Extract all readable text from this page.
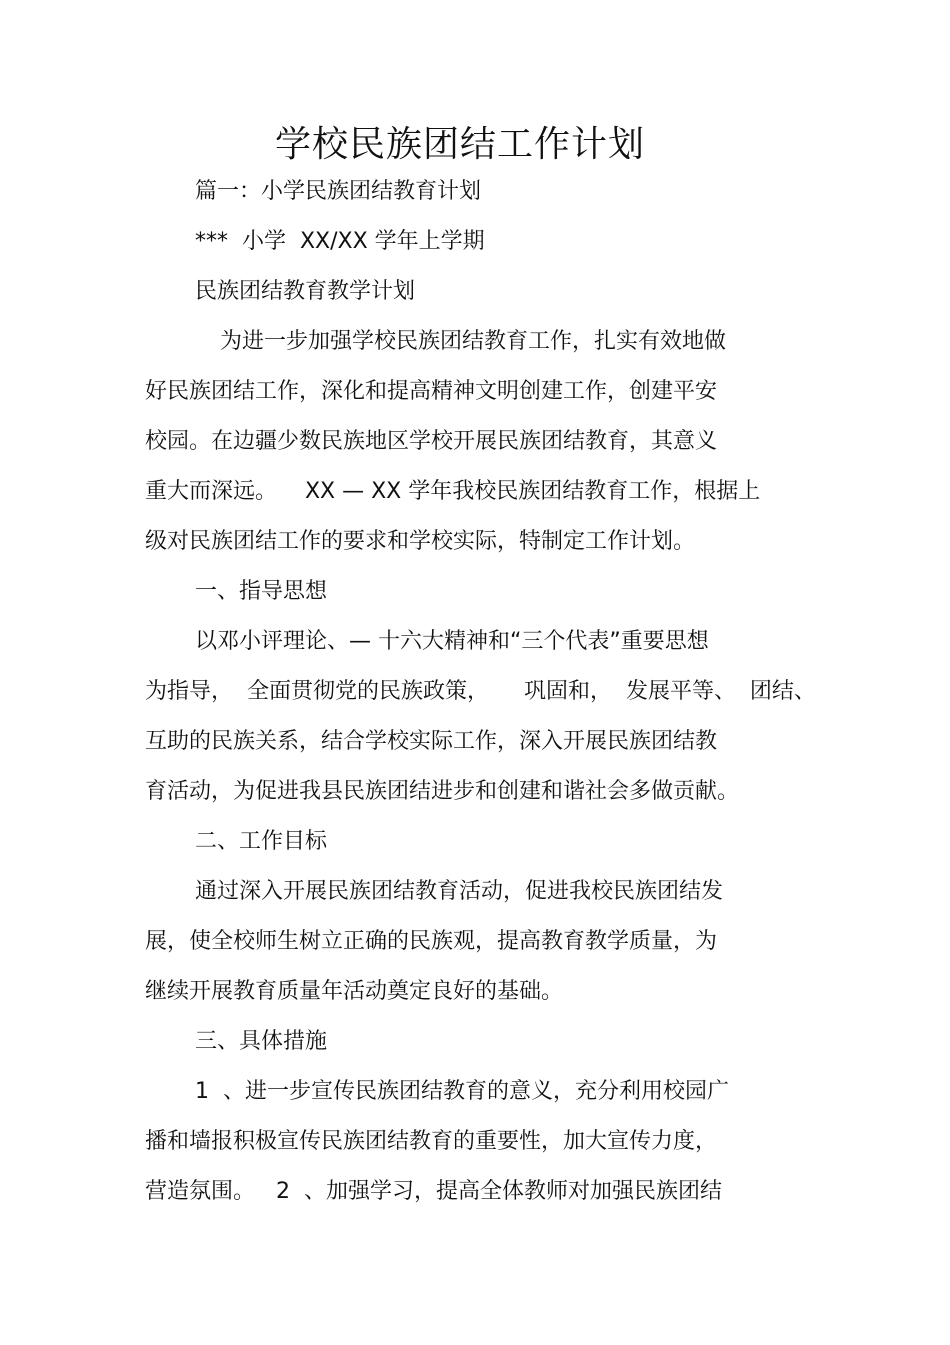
学校民族团结工作计划

篇一：小学民族团结教育计划

***  小学  XX/XX 学年上学期

民族团结教育教学计划

为进一步加强学校民族团结教育工作，扎实有效地做

好民族团结工作，深化和提高精神文明创建工作，创建平安

校园。在边疆少数民族地区学校开展民族团结教育，其意义

重大而深远。    XX — XX 学年我校民族团结教育工作，根据上

级对民族团结工作的要求和学校实际，特制定工作计划。

一、指导思想

以邓小评理论、— 十六大精神和“三个代表”重要思想

为指导，  全面贯彻党的民族政策，     巩固和，  发展平等、  团结、

互助的民族关系，结合学校实际工作，深入开展民族团结教

育活动，为促进我县民族团结进步和创建和谐社会多做贡献。

二、工作目标

通过深入开展民族团结教育活动，促进我校民族团结发

展，使全校师生树立正确的民族观，提高教育教学质量，为

继续开展教育质量年活动奠定良好的基础。

三、具体措施

1  、进一步宣传民族团结教育的意义，充分利用校园广

播和墙报积极宣传民族团结教育的重要性，加大宣传力度，

营造氛围。   2  、加强学习，提高全体教师对加强民族团结
